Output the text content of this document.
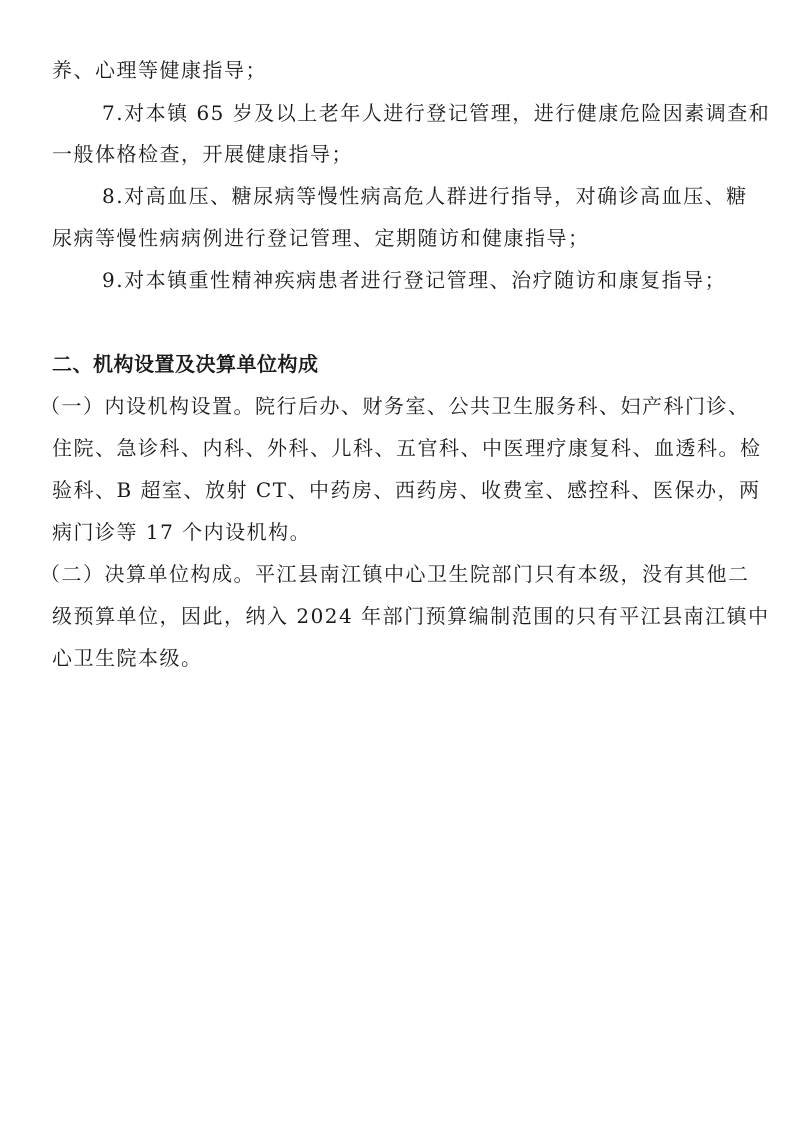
养、心理等健康指导；
7.对本镇 65 岁及以上老年人进行登记管理，进行健康危险因素调查和
一般体格检查，开展健康指导；
8.对高血压、糖尿病等慢性病高危人群进行指导，对确诊高血压、糖
尿病等慢性病病例进行登记管理、定期随访和健康指导；
9.对本镇重性精神疾病患者进行登记管理、治疗随访和康复指导；
二、机构设置及决算单位构成
（一）内设机构设置。院行后办、财务室、公共卫生服务科、妇产科门诊、
住院、急诊科、内科、外科、儿科、五官科、中医理疗康复科、血透科。检
验科、B 超室、放射 CT、中药房、西药房、收费室、感控科、医保办，两
病门诊等 17 个内设机构。
（二）决算单位构成。平江县南江镇中心卫生院部门只有本级，没有其他二
级预算单位，因此，纳入 2024 年部门预算编制范围的只有平江县南江镇中
心卫生院本级。
